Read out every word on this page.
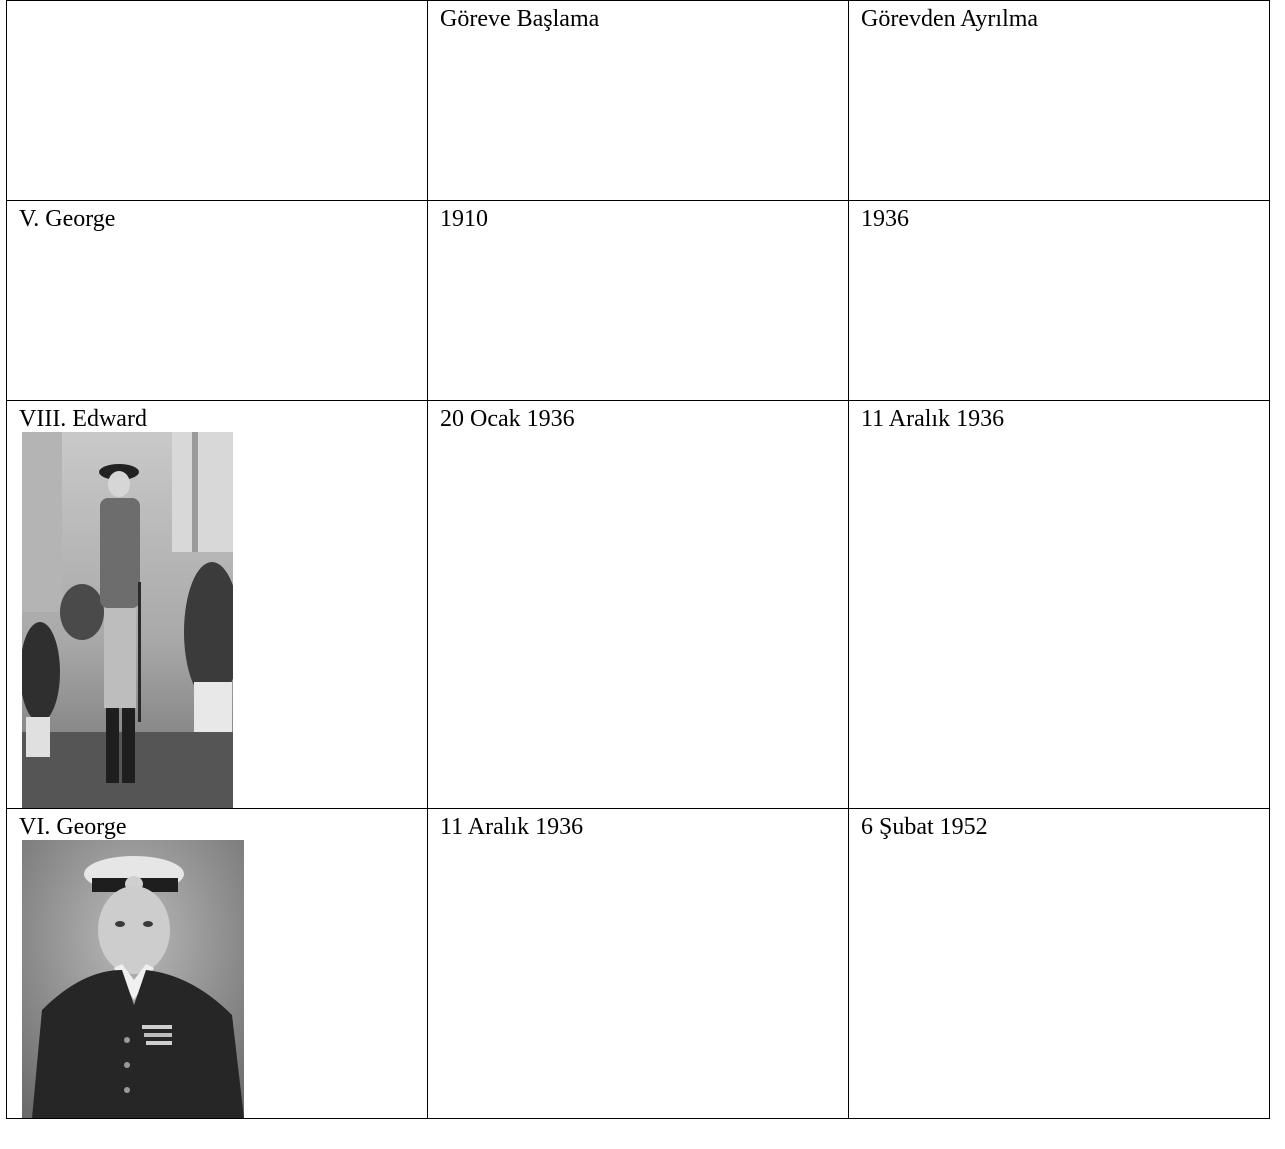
	Göreve Başlama	Görevden Ayrılma

V. George	1910	1936

VIII. Edward	20 Ocak 1936	11 Aralık 1936

VI. George	11 Aralık 1936	6 Şubat 1952
